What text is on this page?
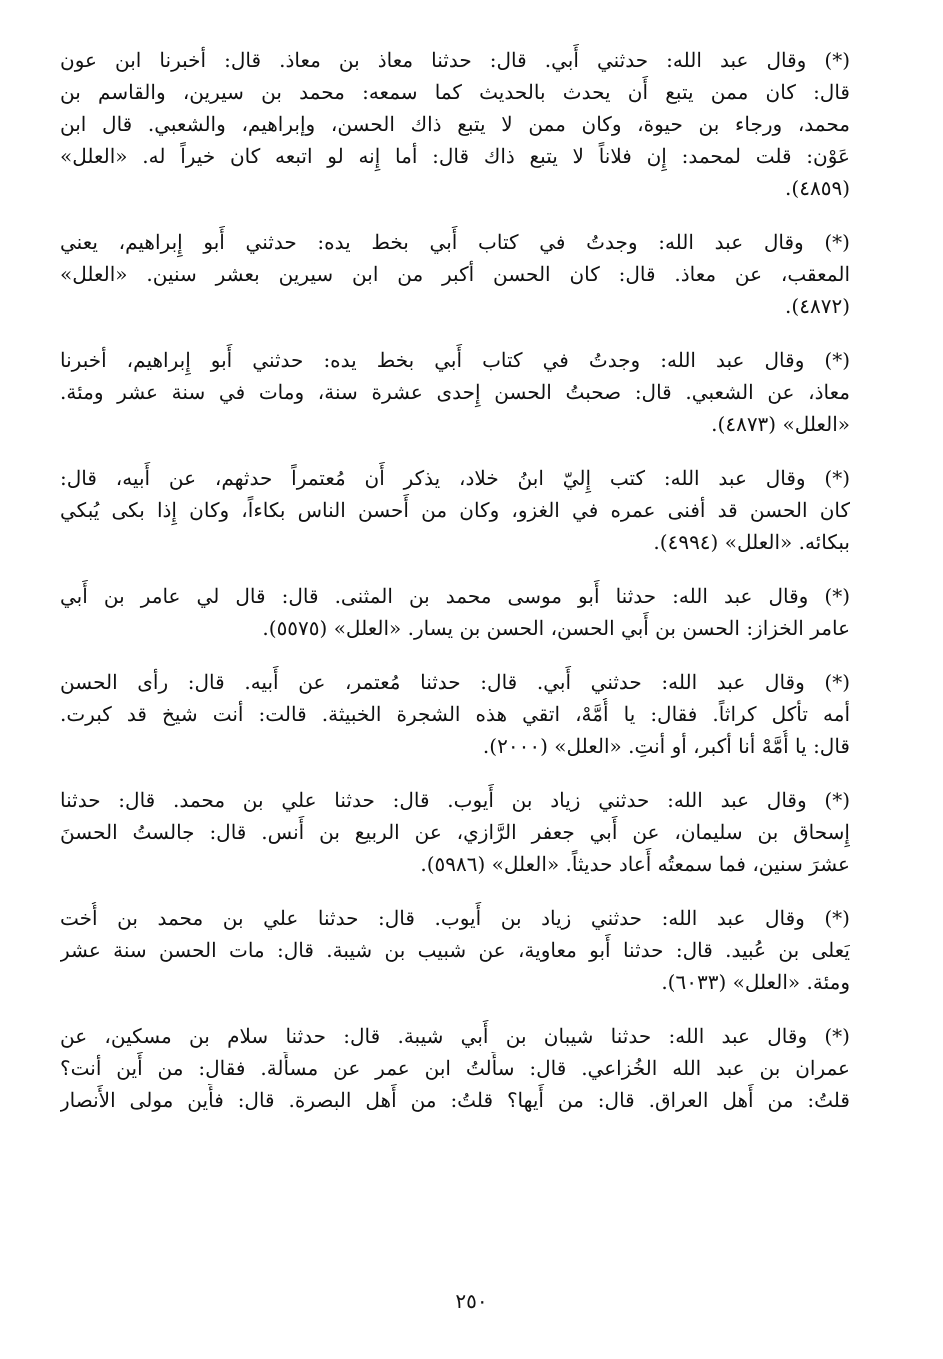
(*) وقال عبد الله: حدثني أَبي. قال: حدثنا معاذ بن معاذ. قال: أخبرنا ابن عون
قال: كان ممن يتبع أَن يحدث بالحديث كما سمعه: محمد بن سيرين، والقاسم بن
محمد، ورجاء بن حيوة، وكان ممن لا يتبع ذاك الحسن، وإبراهيم، والشعبي. قال ابن
عَوْن: قلت لمحمد: إِن فلاناً لا يتبع ذاك قال: أما إِنه لو اتبعه كان خيراً له. «العلل»
(٤٨٥٩).
(*) وقال عبد الله: وجدتُ في كتاب أَبي بخط يده: حدثني أَبو إِبراهيم، يعني
المعقب، عن معاذ. قال: كان الحسن أكبر من ابن سيرين بعشر سنين. «العلل»
(٤٨٧٢).
(*) وقال عبد الله: وجدتُ في كتاب أَبي بخط يده: حدثني أَبو إِبراهيم، أخبرنا
معاذ، عن الشعبي. قال: صحبتُ الحسن إِحدى عشرة سنة، ومات في سنة عشر ومئة.
«العلل» (٤٨٧٣).
(*) وقال عبد الله: كتب إِليّ ابنُ خلاد، يذكر أَن مُعتمراً حدثهم، عن أَبيه، قال:
كان الحسن قد أفنى عمره في الغزو، وكان من أَحسن الناس بكاءاً، وكان إِذا بكى يُبكي
ببكائه. «العلل» (٤٩٩٤).
(*) وقال عبد الله: حدثنا أَبو موسى محمد بن المثنى. قال: قال لي عامر بن أَبي
عامر الخزاز: الحسن بن أَبي الحسن، الحسن بن يسار. «العلل» (٥٥٧٥).
(*) وقال عبد الله: حدثني أَبي. قال: حدثنا مُعتمر، عن أَبيه. قال: رأى الحسن
أمه تأكل كراثاً. فقال: يا أُمَّهْ، اتقي هذه الشجرة الخبيثة. قالت: أنت شيخ قد كبرت.
قال: يا أُمَّهْ أنا أكبر، أو أنتِ. «العلل» (٢٠٠٠).
(*) وقال عبد الله: حدثني زياد بن أَيوب. قال: حدثنا علي بن محمد. قال: حدثنا
إِسحاق بن سليمان، عن أَبي جعفر الرَّازي، عن الربيع بن أَنس. قال: جالستُ الحسنَ
عشرَ سنين، فما سمعتُه أَعاد حديثاً. «العلل» (٥٩٨٦).
(*) وقال عبد الله: حدثني زياد بن أَيوب. قال: حدثنا علي بن محمد بن أُخت
يَعلى بن عُبيد. قال: حدثنا أَبو معاوية، عن شبيب بن شيبة. قال: مات الحسن سنة عشر
ومئة. «العلل» (٦٠٣٣).
(*) وقال عبد الله: حدثنا شيبان بن أَبي شيبة. قال: حدثنا سلام بن مسكين، عن
عمران بن عبد الله الخُزاعي. قال: سأَلتُ ابن عمر عن مسأَلة. فقال: من أَين أنت؟
قلتُ: من أَهل العراق. قال: من أَيها؟ قلتُ: من أَهل البصرة. قال: فأَين مولى الأَنصار
٢٥٠
